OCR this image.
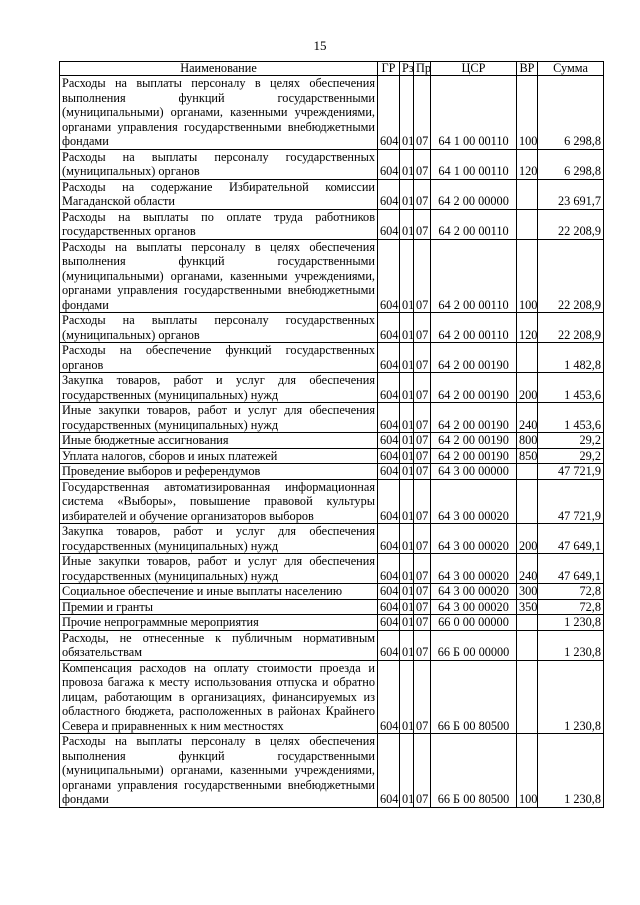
15
Наименование	ГР	Рз	Пр	ЦСР	ВР	Сумма
Расходы на выплаты персоналу в целях обеспечения выполнения функций государственными (муниципальными) органами, казенными учреждениями, органами управления государственными внебюджетными фондами	604	01	07	64 1 00 00110	100	6 298,8
Расходы на выплаты персоналу государственных (муниципальных) органов	604	01	07	64 1 00 00110	120	6 298,8
Расходы на содержание Избирательной комиссии Магаданской области	604	01	07	64 2 00 00000		23 691,7
Расходы на выплаты по оплате труда работников государственных органов	604	01	07	64 2 00 00110		22 208,9
Расходы на выплаты персоналу в целях обеспечения выполнения функций государственными (муниципальными) органами, казенными учреждениями, органами управления государственными внебюджетными фондами	604	01	07	64 2 00 00110	100	22 208,9
Расходы на выплаты персоналу государственных (муниципальных) органов	604	01	07	64 2 00 00110	120	22 208,9
Расходы на обеспечение функций государственных органов	604	01	07	64 2 00 00190		1 482,8
Закупка товаров, работ и услуг для обеспечения государственных (муниципальных) нужд	604	01	07	64 2 00 00190	200	1 453,6
Иные закупки товаров, работ и услуг для обеспечения государственных (муниципальных) нужд	604	01	07	64 2 00 00190	240	1 453,6
Иные бюджетные ассигнования	604	01	07	64 2 00 00190	800	29,2
Уплата налогов, сборов и иных платежей	604	01	07	64 2 00 00190	850	29,2
Проведение выборов и референдумов	604	01	07	64 3 00 00000		47 721,9
Государственная автоматизированная информационная система «Выборы», повышение правовой культуры избирателей и обучение организаторов выборов	604	01	07	64 3 00 00020		47 721,9
Закупка товаров, работ и услуг для обеспечения государственных (муниципальных) нужд	604	01	07	64 3 00 00020	200	47 649,1
Иные закупки товаров, работ и услуг для обеспечения государственных (муниципальных) нужд	604	01	07	64 3 00 00020	240	47 649,1
Социальное обеспечение и иные выплаты населению	604	01	07	64 3 00 00020	300	72,8
Премии и гранты	604	01	07	64 3 00 00020	350	72,8
Прочие непрограммные мероприятия	604	01	07	66 0 00 00000		1 230,8
Расходы, не отнесенные к публичным нормативным обязательствам	604	01	07	66 Б 00 00000		1 230,8
Компенсация расходов на оплату стоимости проезда и провоза багажа к месту использования отпуска и обратно лицам, работающим в организациях, финансируемых из областного бюджета, расположенных в районах Крайнего Севера и приравненных к ним местностях	604	01	07	66 Б 00 80500		1 230,8
Расходы на выплаты персоналу в целях обеспечения выполнения функций государственными (муниципальными) органами, казенными учреждениями, органами управления государственными внебюджетными фондами	604	01	07	66 Б 00 80500	100	1 230,8
